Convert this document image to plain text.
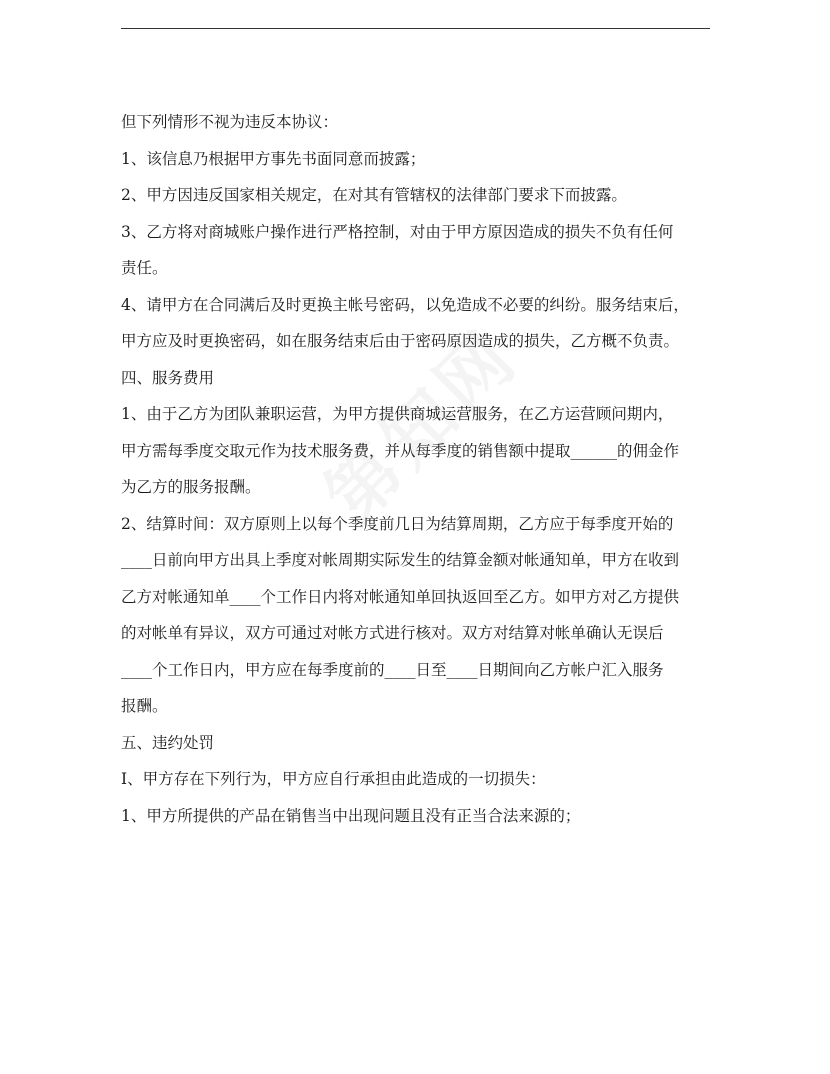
但下列情形不视为违反本协议：

1、该信息乃根据甲方事先书面同意而披露；

2、甲方因违反国家相关规定，在对其有管辖权的法律部门要求下而披露。

3、乙方将对商城账户操作进行严格控制，对由于甲方原因造成的损失不负有任何

责任。

4、请甲方在合同满后及时更换主帐号密码，以免造成不必要的纠纷。服务结束后，

甲方应及时更换密码，如在服务结束后由于密码原因造成的损失，乙方概不负责。

四、服务费用

1、由于乙方为团队兼职运营，为甲方提供商城运营服务，在乙方运营顾问期内，

甲方需每季度交取元作为技术服务费，并从每季度的销售额中提取______的佣金作

为乙方的服务报酬。

2、结算时间：双方原则上以每个季度前几日为结算周期，乙方应于每季度开始的

____日前向甲方出具上季度对帐周期实际发生的结算金额对帐通知单，甲方在收到

乙方对帐通知单____个工作日内将对帐通知单回执返回至乙方。如甲方对乙方提供

的对帐单有异议，双方可通过对帐方式进行核对。双方对结算对帐单确认无误后

____个工作日内，甲方应在每季度前的____日至____日期间向乙方帐户汇入服务

报酬。

五、违约处罚

I、甲方存在下列行为，甲方应自行承担由此造成的一切损失：

1、甲方所提供的产品在销售当中出现问题且没有正当合法来源的；
